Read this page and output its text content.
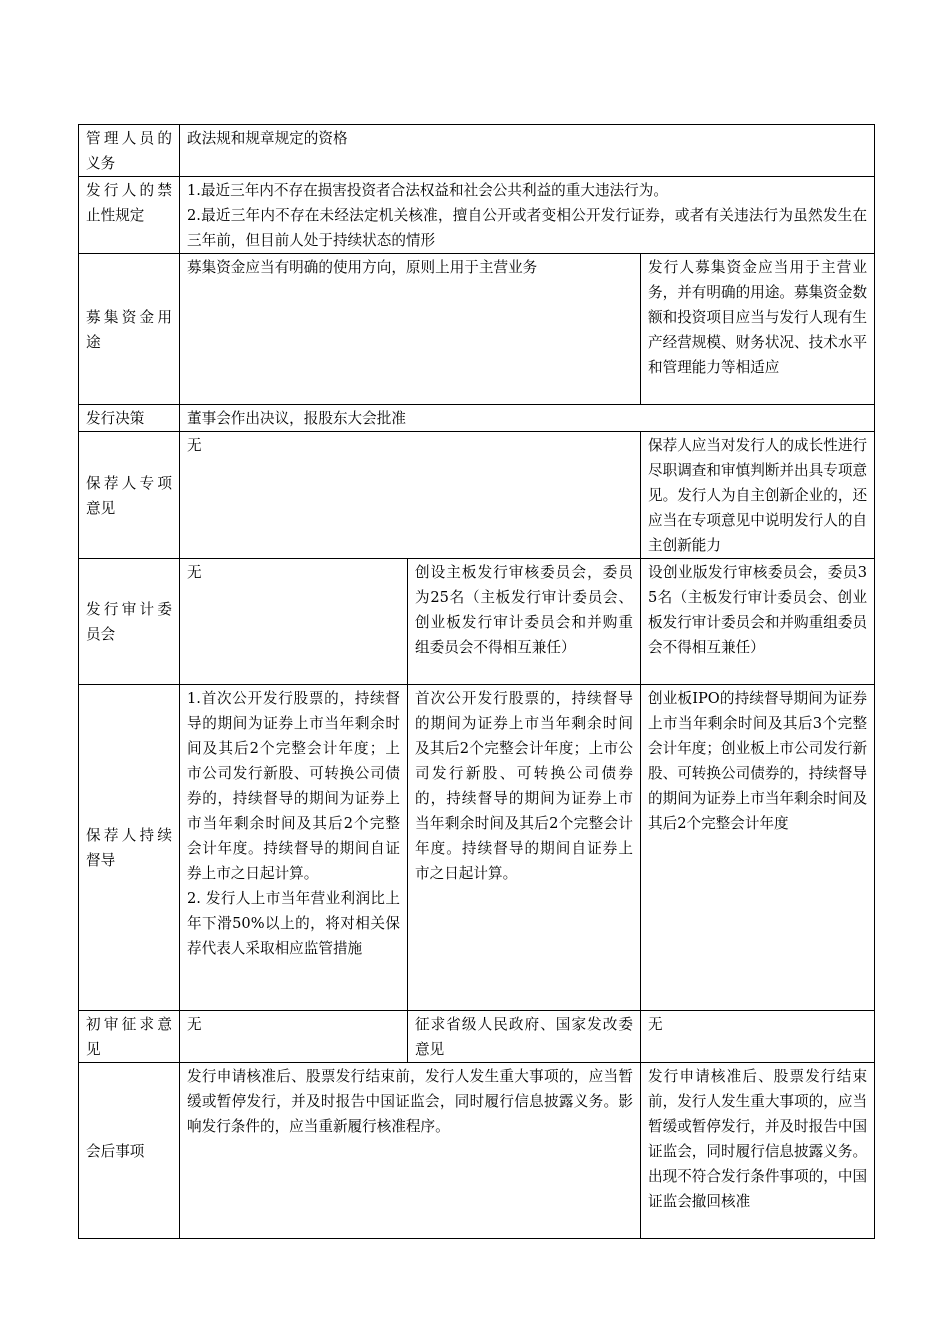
管理人员的义务	政法规和规章规定的资格		
发行人的禁止性规定	1.最近三年内不存在损害投资者合法权益和社会公共利益的重大违法行为。
2.最近三年内不存在未经法定机关核准，擅自公开或者变相公开发行证券，或者有关违法行为虽然发生在三年前，但目前人处于持续状态的情形		

募集资金用途	募集资金应当有明确的使用方向，原则上用于主营业务		发行人募集资金应当用于主营业务，并有明确的用途。募集资金数额和投资项目应当与发行人现有生产经营规模、财务状况、技术水平和管理能力等相适应
发行决策	董事会作出决议，报股东大会批准		
保荐人专项意见	无		保荐人应当对发行人的成长性进行尽职调查和审慎判断并出具专项意见。发行人为自主创新企业的，还应当在专项意见中说明发行人的自主创新能力
发行审计委员会	无	创设主板发行审核委员会，委员为25名（主板发行审计委员会、创业板发行审计委员会和并购重组委员会不得相互兼任）	设创业版发行审核委员会，委员35名（主板发行审计委员会、创业板发行审计委员会和并购重组委员会不得相互兼任）
保荐人持续督导	1.首次公开发行股票的，持续督导的期间为证券上市当年剩余时间及其后2个完整会计年度；上市公司发行新股、可转换公司债券的，持续督导的期间为证券上市当年剩余时间及其后2个完整会计年度。持续督导的期间自证券上市之日起计算。
2. 发行人上市当年营业利润比上年下滑50%以上的，将对相关保荐代表人采取相应监管措施	首次公开发行股票的，持续督导的期间为证券上市当年剩余时间及其后2个完整会计年度；上市公司发行新股、可转换公司债券的，持续督导的期间为证券上市当年剩余时间及其后2个完整会计年度。持续督导的期间自证券上市之日起计算。	创业板IPO的持续督导期间为证券上市当年剩余时间及其后3个完整会计年度；创业板上市公司发行新股、可转换公司债券的，持续督导的期间为证券上市当年剩余时间及其后2个完整会计年度
初审征求意见	无	征求省级人民政府、国家发改委意见	无
会后事项	发行申请核准后、股票发行结束前，发行人发生重大事项的，应当暂缓或暂停发行，并及时报告中国证监会，同时履行信息披露义务。影响发行条件的，应当重新履行核准程序。		发行申请核准后、股票发行结束前，发行人发生重大事项的，应当暂缓或暂停发行，并及时报告中国证监会，同时履行信息披露义务。出现不符合发行条件事项的，中国证监会撤回核准
